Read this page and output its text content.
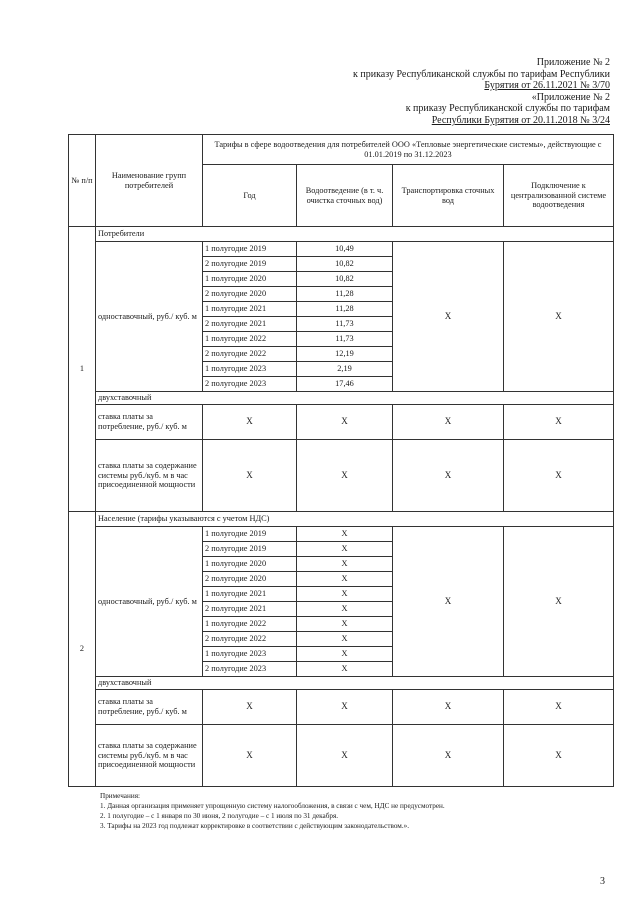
Приложение № 2
к приказу Республиканской службы по тарифам Республики
Бурятия от 26.11.2021 № 3/70
«Приложение № 2
к приказу Республиканской службы по тарифам
Республики Бурятия от 20.11.2018 № 3/24
№ п/п	Наименование групп потребителей	Тарифы в сфере водоотведения для потребителей ООО «Тепловые энергетические системы», действующие с 01.01.2019 по 31.12.2023			
		Год	Водоотведение (в т. ч. очистка сточных вод)	Транспортировка сточных вод	Подключение к централизованной системе водоотведения
1	Потребители				
	одноставочный, руб./ куб. м	1 полугодие 2019	10,49	Х	Х
		2 полугодие 2019	10,82		
		1 полугодие 2020	10,82		
		2 полугодие 2020	11,28		
		1 полугодие 2021	11,28		
		2 полугодие 2021	11,73		
		1 полугодие 2022	11,73		
		2 полугодие 2022	12,19		
		1 полугодие 2023	2,19		
		2 полугодие 2023	17,46		
	двухставочный				
	ставка платы за потребление, руб./ куб. м	Х	Х	Х	Х
	ставка платы за содержание системы руб./куб. м в час присоединенной мощности	Х	Х	Х	Х
2	Население (тарифы указываются с учетом НДС)				
	одноставочный, руб./ куб. м	1 полугодие 2019	Х	Х	Х
		2 полугодие 2019	Х		
		1 полугодие 2020	Х		
		2 полугодие 2020	Х		
		1 полугодие 2021	Х		
		2 полугодие 2021	Х		
		1 полугодие 2022	Х		
		2 полугодие 2022	Х		
		1 полугодие 2023	Х		
		2 полугодие 2023	Х		
	двухставочный				
	ставка платы за потребление, руб./ куб. м	Х	Х	Х	Х
	ставка платы за содержание системы руб./куб. м в час присоединенной мощности	Х	Х	Х	Х
Примечания:
1. Данная организация применяет упрощенную систему налогообложения, в связи с чем, НДС не предусмотрен.
2. 1 полугодие – с 1 января по 30 июня, 2 полугодие – с 1 июля по 31 декабря.
3. Тарифы на 2023 год подлежат корректировке в соответствии с действующим законодательством.».
3
